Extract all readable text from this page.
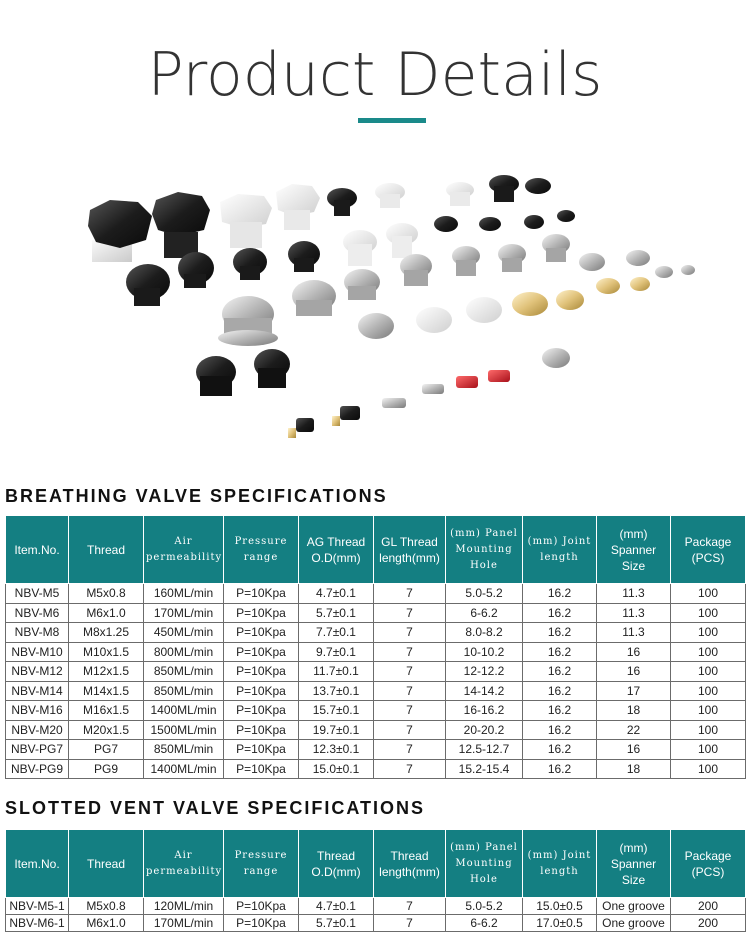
Product Details
BREATHING VALVE SPECIFICATIONS
Item.No.	Thread	Air permeability	Pressure range	AG Thread O.D(mm)	GL Thread length(mm)	(mm) Panel Mounting Hole	(mm) Joint length	(mm) Spanner Size	Package (PCS)
NBV-M5	M5x0.8	160ML/min	P=10Kpa	4.7±0.1	7	5.0-5.2	16.2	11.3	100
NBV-M6	M6x1.0	170ML/min	P=10Kpa	5.7±0.1	7	6-6.2	16.2	11.3	100
NBV-M8	M8x1.25	450ML/min	P=10Kpa	7.7±0.1	7	8.0-8.2	16.2	11.3	100
NBV-M10	M10x1.5	800ML/min	P=10Kpa	9.7±0.1	7	10-10.2	16.2	16	100
NBV-M12	M12x1.5	850ML/min	P=10Kpa	11.7±0.1	7	12-12.2	16.2	16	100
NBV-M14	M14x1.5	850ML/min	P=10Kpa	13.7±0.1	7	14-14.2	16.2	17	100
NBV-M16	M16x1.5	1400ML/min	P=10Kpa	15.7±0.1	7	16-16.2	16.2	18	100
NBV-M20	M20x1.5	1500ML/min	P=10Kpa	19.7±0.1	7	20-20.2	16.2	22	100
NBV-PG7	PG7	850ML/min	P=10Kpa	12.3±0.1	7	12.5-12.7	16.2	16	100
NBV-PG9	PG9	1400ML/min	P=10Kpa	15.0±0.1	7	15.2-15.4	16.2	18	100
SLOTTED VENT VALVE SPECIFICATIONS
Item.No.	Thread	Air permeability	Pressure range	Thread O.D(mm)	Thread length(mm)	(mm) Panel Mounting Hole	(mm) Joint length	(mm) Spanner Size	Package (PCS)
NBV-M5-1	M5x0.8	120ML/min	P=10Kpa	4.7±0.1	7	5.0-5.2	15.0±0.5	One groove	200
NBV-M6-1	M6x1.0	170ML/min	P=10Kpa	5.7±0.1	7	6-6.2	17.0±0.5	One groove	200
